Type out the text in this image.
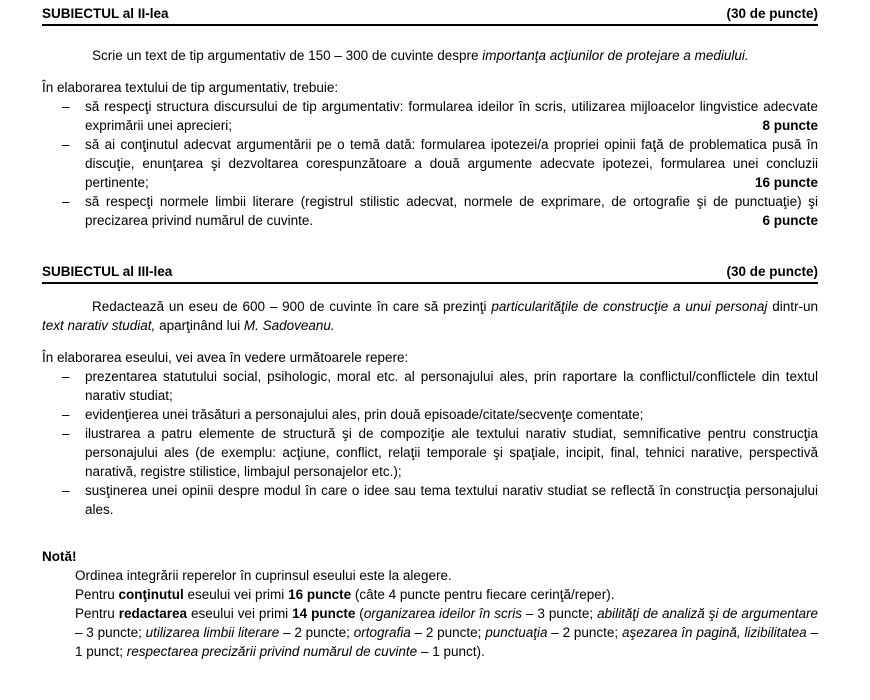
SUBIECTUL al II-lea	(30 de puncte)

Scrie un text de tip argumentativ de 150 – 300 de cuvinte despre importanţa acţiunilor de protejare a mediului.

În elaborarea textului de tip argumentativ, trebuie:

–	să respecţi structura discursului de tip argumentativ: formularea ideilor în scris, utilizarea mijloacelor lingvistice adecvate exprimării unei aprecieri;	8 puncte
–	să ai conţinutul adecvat argumentării pe o temă dată: formularea ipotezei/a propriei opinii faţă de problematica pusă în discuţie, enunţarea şi dezvoltarea corespunzătoare a două argumente adecvate ipotezei, formularea unei concluzii pertinente;	16 puncte
–	să respecţi normele limbii literare (registrul stilistic adecvat, normele de exprimare, de ortografie şi de punctuaţie) şi precizarea privind numărul de cuvinte.	6 puncte
SUBIECTUL al III-lea	(30 de puncte)

Redactează un eseu de 600 – 900 de cuvinte în care să prezinţi particularităţile de construcţie a unui personaj dintr-un text narativ studiat, aparţinând lui M. Sadoveanu.

În elaborarea eseului, vei avea în vedere următoarele repere:

–	prezentarea statutului social, psihologic, moral etc. al personajului ales, prin raportare la conflictul/conflictele din textul narativ studiat;
–	evidenţierea unei trăsături a personajului ales, prin două episoade/citate/secvenţe comentate;
–	ilustrarea a patru elemente de structură şi de compoziţie ale textului narativ studiat, semnificative pentru construcţia personajului ales (de exemplu: acţiune, conflict, relaţii temporale şi spaţiale, incipit, final, tehnici narative, perspectivă narativă, registre stilistice, limbajul personajelor etc.);
–	susţinerea unei opinii despre modul în care o idee sau tema textului narativ studiat se reflectă în construcţia personajului ales.
Notă!
Ordinea integrării reperelor în cuprinsul eseului este la alegere.
Pentru conţinutul eseului vei primi 16 puncte (câte 4 puncte pentru fiecare cerinţă/reper).
Pentru redactarea eseului vei primi 14 puncte (organizarea ideilor în scris – 3 puncte; abilităţi de analiză şi de argumentare – 3 puncte; utilizarea limbii literare – 2 puncte; ortografia – 2 puncte; punctuaţia – 2 puncte; aşezarea în pagină, lizibilitatea – 1 punct; respectarea precizării privind numărul de cuvinte – 1 punct).
